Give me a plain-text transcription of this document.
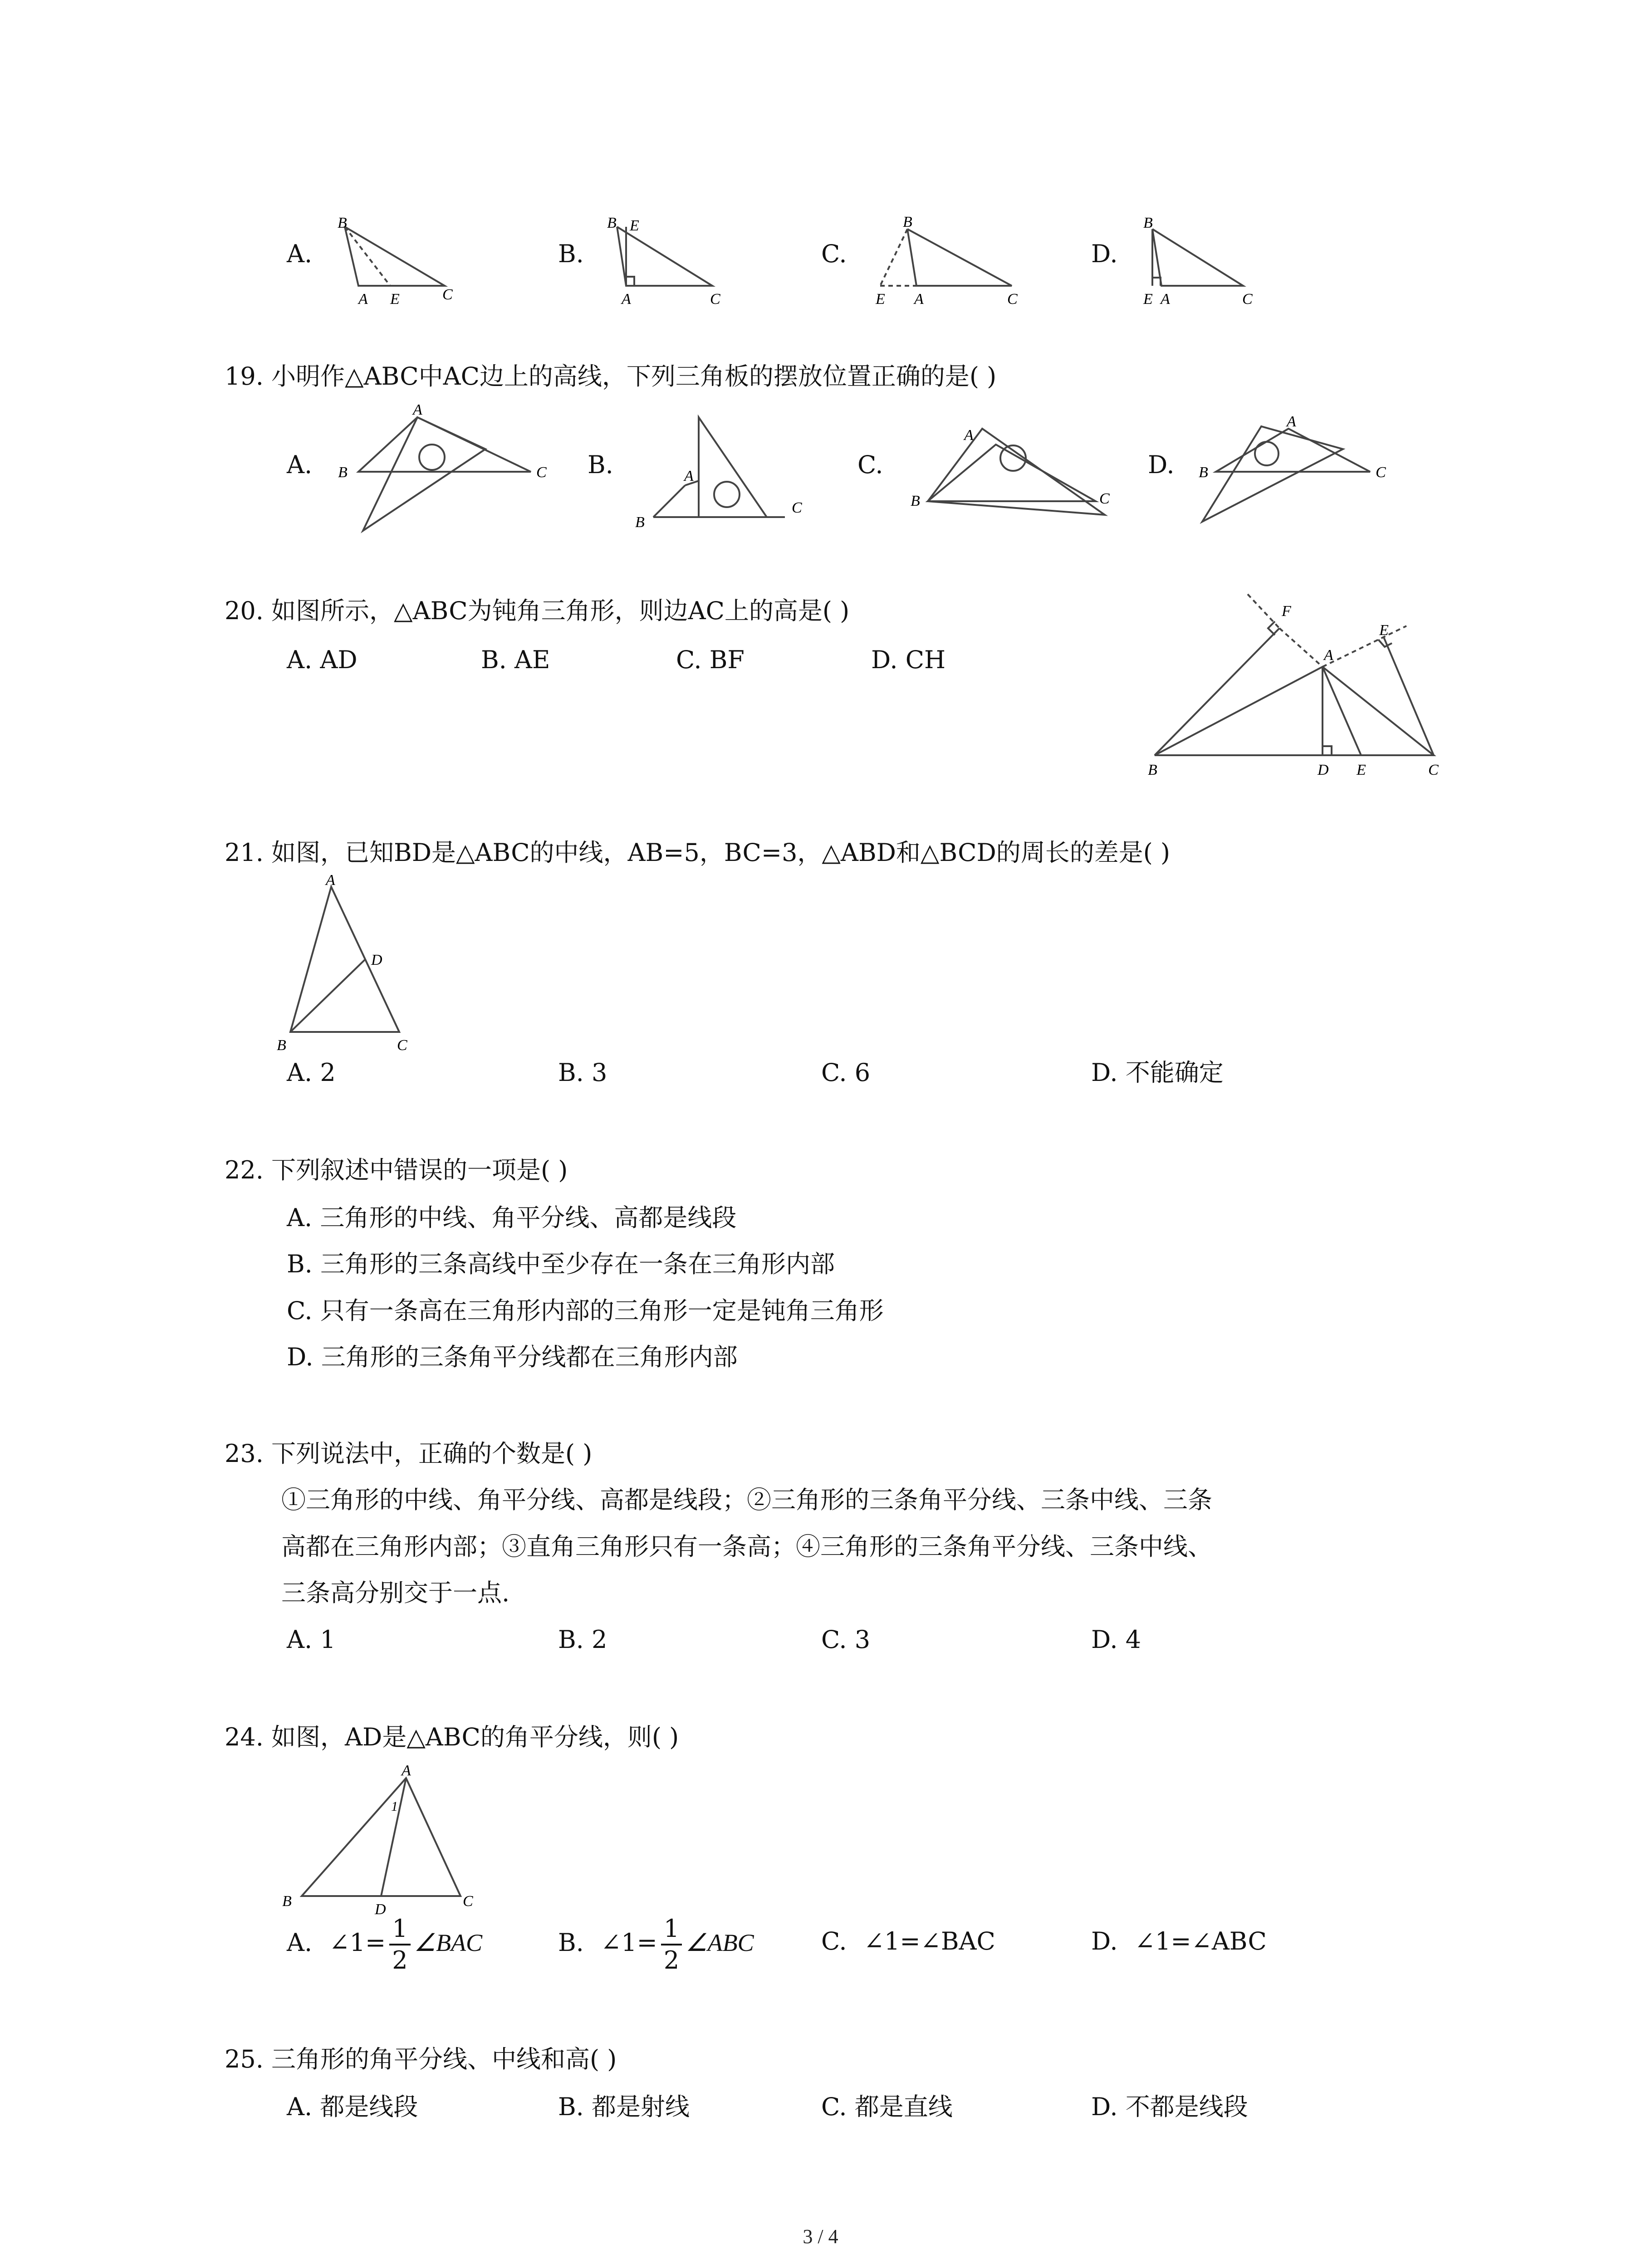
A.
B
A E	C
B.
B E
A	C
C.
B
E A	C
D.
B
E A	C
19. 小明作△ABC中AC边上的高线，下列三角板的摆放位置正确的是( )
A.
A
B	C B.	A
B
C
C.
A
B	C
D.
A
B	C
20. 如图所示，△ABC为钝角三角形，则边AC上的高是( )
A. AD	B. AE	C. BF	D. CH
F
E
A
B	D E	C
21. 如图，已知BD是△ABC的中线，AB=5，BC=3，△ABD和△BCD的周长的差是( )
A
D
B	C
A. 2	B. 3	C. 6	D. 不能确定
22. 下列叙述中错误的一项是( )
A. 三角形的中线、角平分线、高都是线段
B. 三角形的三条高线中至少存在一条在三角形内部
C. 只有一条高在三角形内部的三角形一定是钝角三角形
D. 三角形的三条角平分线都在三角形内部
23. 下列说法中，正确的个数是( )
①三角形的中线、角平分线、高都是线段；②三角形的三条角平分线、三条中线、三条
高都在三角形内部；③直角三角形只有一条高；④三角形的三条角平分线、三条中线、
三条高分别交于一点.
A. 1	B. 2	C. 3	D. 4
24. 如图，AD是△ABC的角平分线，则( )
A
1
B	D	C
A. ∠1= $\frac{1}{2}$ ∠BAC	B. ∠1= $\frac{1}{2}$ ∠ABC	C. ∠1=∠BAC	D. ∠1=∠ABC
25. 三角形的角平分线、中线和高( )
A. 都是线段	B. 都是射线	C. 都是直线	D. 不都是线段
3 / 4
